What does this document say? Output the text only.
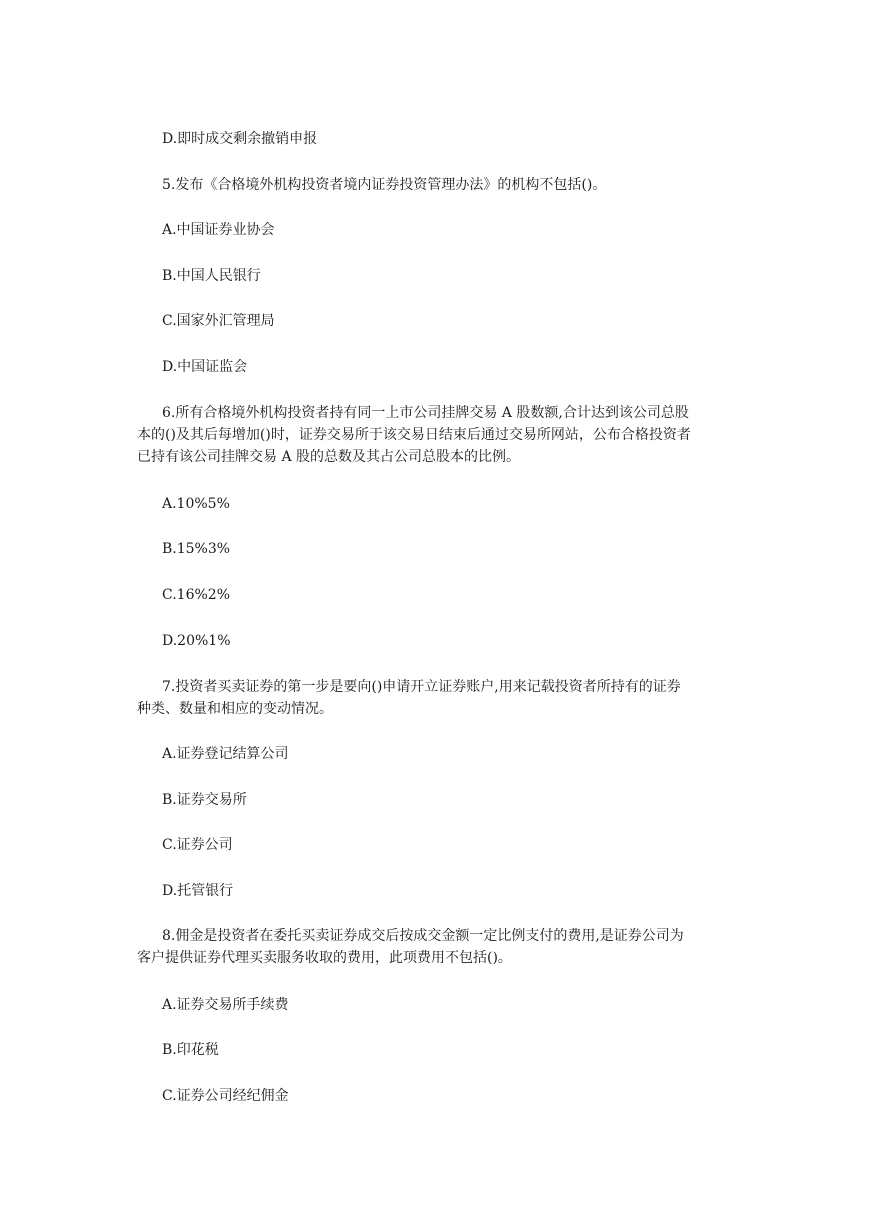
D.即时成交剩余撤销申报
5.发布《合格境外机构投资者境内证券投资管理办法》的机构不包括()。
A.中国证券业协会
B.中国人民银行
C.国家外汇管理局
D.中国证监会
6.所有合格境外机构投资者持有同一上市公司挂牌交易 A 股数额,合计达到该公司总股
本的()及其后每增加()时，证券交易所于该交易日结束后通过交易所网站，公布合格投资者
已持有该公司挂牌交易 A 股的总数及其占公司总股本的比例。
A.10%5%
B.15%3%
C.16%2%
D.20%1%
7.投资者买卖证券的第一步是要向()申请开立证券账户,用来记载投资者所持有的证券
种类、数量和相应的变动情况。
A.证券登记结算公司
B.证券交易所
C.证券公司
D.托管银行
8.佣金是投资者在委托买卖证券成交后按成交金额一定比例支付的费用,是证券公司为
客户提供证券代理买卖服务收取的费用，此项费用不包括()。
A.证券交易所手续费
B.印花税
C.证券公司经纪佣金
